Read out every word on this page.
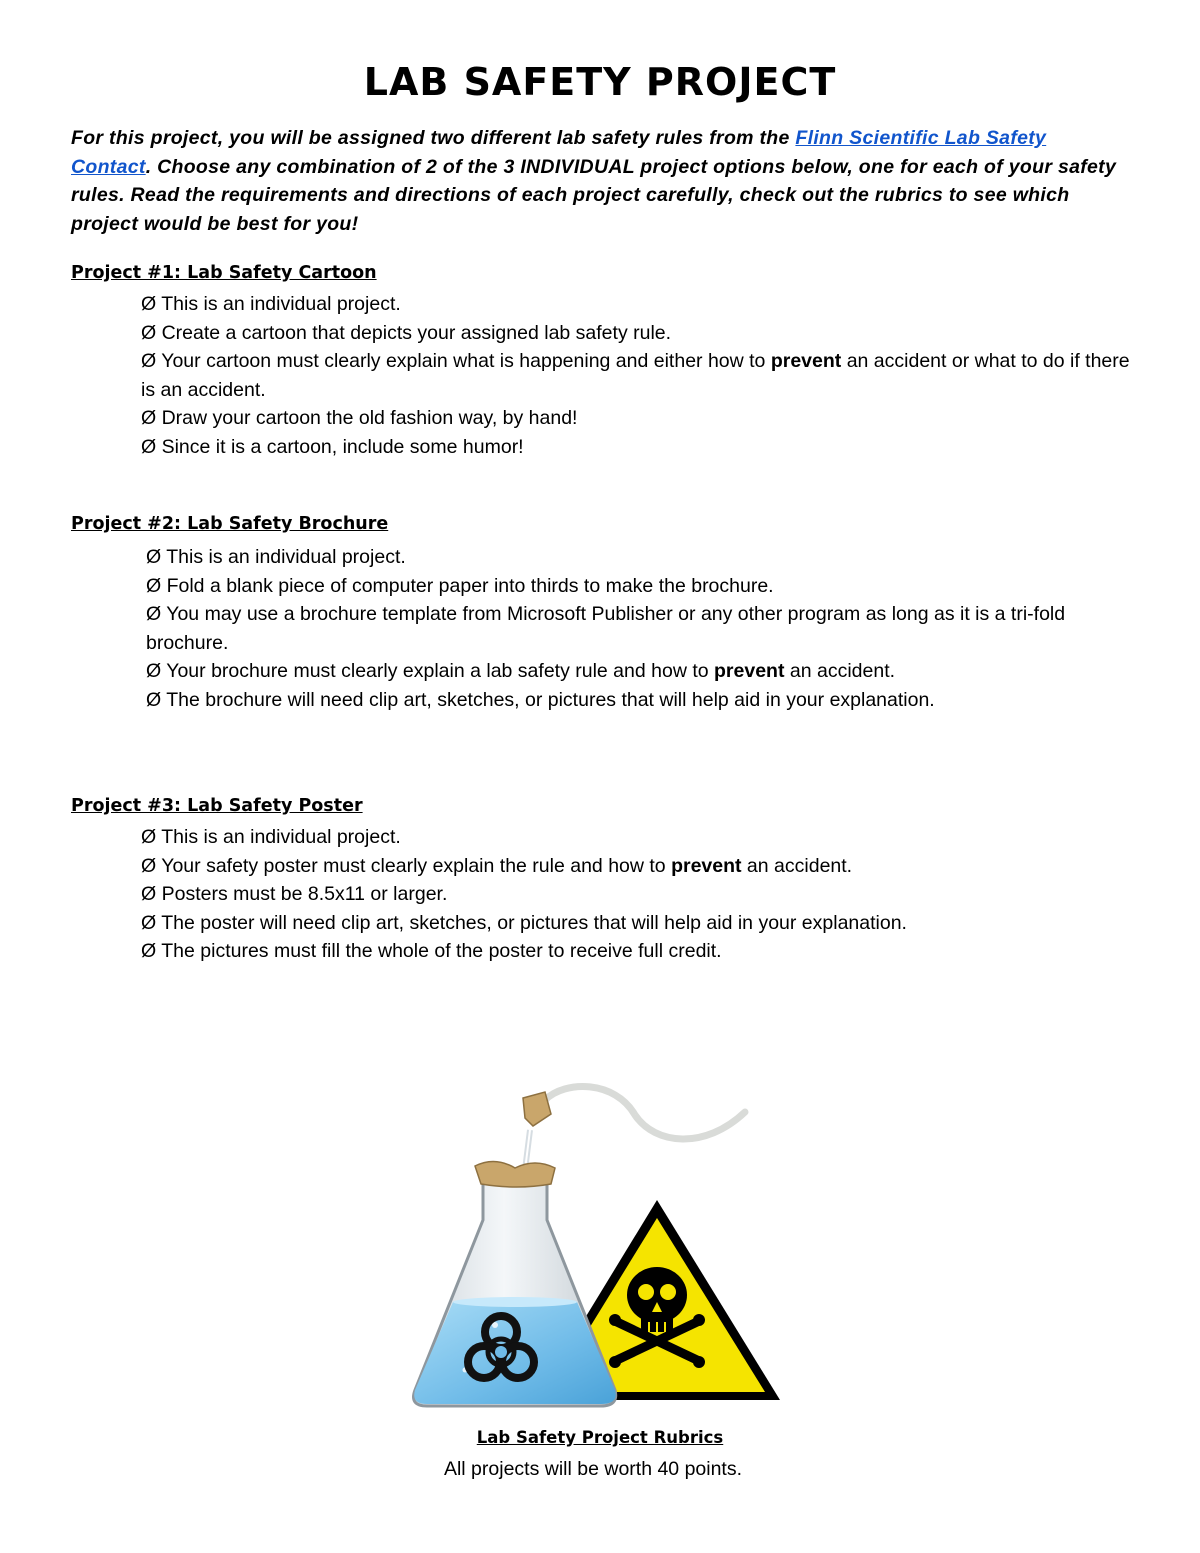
LAB SAFETY PROJECT
For this project, you will be assigned two different lab safety rules from the Flinn Scientific Lab Safety Contact. Choose any combination of 2 of the 3 INDIVIDUAL project options below, one for each of your safety rules. Read the requirements and directions of each project carefully, check out the rubrics to see which project would be best for you!
Project #1: Lab Safety Cartoon

Ø This is an individual project.

Ø Create a cartoon that depicts your assigned lab safety rule.

Ø Your cartoon must clearly explain what is happening and either how to prevent an accident or what to do if there is an accident.

Ø Draw your cartoon the old fashion way, by hand!

Ø Since it is a cartoon, include some humor!

Project #2: Lab Safety Brochure

Ø This is an individual project.

Ø Fold a blank piece of computer paper into thirds to make the brochure.

Ø You may use a brochure template from Microsoft Publisher or any other program as long as it is a tri-fold brochure.

Ø Your brochure must clearly explain a lab safety rule and how to prevent an accident.

Ø The brochure will need clip art, sketches, or pictures that will help aid in your explanation.

Project #3: Lab Safety Poster

Ø This is an individual project.

Ø Your safety poster must clearly explain the rule and how to prevent an accident.

Ø Posters must be 8.5x11 or larger.

Ø The poster will need clip art, sketches, or pictures that will help aid in your explanation.

Ø The pictures must fill the whole of the poster to receive full credit.

Lab Safety Project Rubrics
All projects will be worth 40 points.
